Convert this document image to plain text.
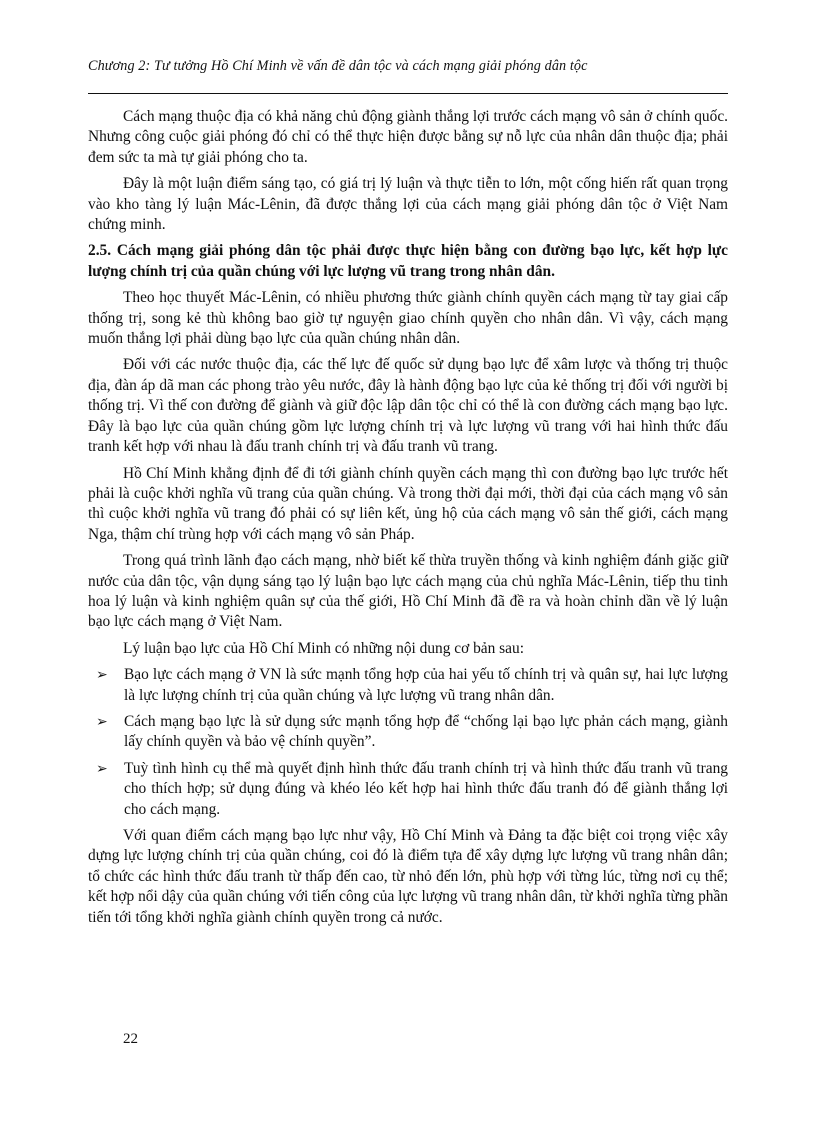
Chương 2: Tư tưởng Hồ Chí Minh về vấn đề dân tộc và cách mạng giải phóng dân tộc

Cách mạng thuộc địa có khả năng chủ động giành thắng lợi trước cách mạng vô sản ở chính quốc. Nhưng công cuộc giải phóng đó chỉ có thể thực hiện được bằng sự nỗ lực của nhân dân thuộc địa; phải đem sức ta mà tự giải phóng cho ta.

Đây là một luận điểm sáng tạo, có giá trị lý luận và thực tiễn to lớn, một cống hiến rất quan trọng vào kho tàng lý luận Mác-Lênin, đã được thắng lợi của cách mạng giải phóng dân tộc ở Việt Nam chứng minh.

2.5. Cách mạng giải phóng dân tộc phải được thực hiện bằng con đường bạo lực, kết hợp lực lượng chính trị của quần chúng với lực lượng vũ trang trong nhân dân.

Theo học thuyết Mác-Lênin, có nhiều phương thức giành chính quyền cách mạng từ tay giai cấp thống trị, song kẻ thù không bao giờ tự nguyện giao chính quyền cho nhân dân. Vì vậy, cách mạng muốn thắng lợi phải dùng bạo lực của quần chúng nhân dân.

Đối với các nước thuộc địa, các thế lực đế quốc sử dụng bạo lực để xâm lược và thống trị thuộc địa, đàn áp dã man các phong trào yêu nước, đây là hành động bạo lực của kẻ thống trị đối với người bị thống trị. Vì thế con đường để giành và giữ độc lập dân tộc chỉ có thể là con đường cách mạng bạo lực. Đây là bạo lực của quần chúng gồm lực lượng chính trị và lực lượng vũ trang với hai hình thức đấu tranh kết hợp với nhau là đấu tranh chính trị và đấu tranh vũ trang.

Hồ Chí Minh khẳng định để đi tới giành chính quyền cách mạng thì con đường bạo lực trước hết phải là cuộc khởi nghĩa vũ trang của quần chúng. Và trong thời đại mới, thời đại của cách mạng vô sản thì cuộc khởi nghĩa vũ trang đó phải có sự liên kết, ủng hộ của cách mạng vô sản thế giới, cách mạng Nga, thậm chí trùng hợp với cách mạng vô sản Pháp.

Trong quá trình lãnh đạo cách mạng, nhờ biết kế thừa truyền thống và kinh nghiệm đánh giặc giữ nước của dân tộc, vận dụng sáng tạo lý luận bạo lực cách mạng của chủ nghĩa Mác-Lênin, tiếp thu tinh hoa lý luận và kinh nghiệm quân sự của thế giới, Hồ Chí Minh đã đề ra và hoàn chỉnh dần về lý luận bạo lực cách mạng ở Việt Nam.

Lý luận bạo lực của Hồ Chí Minh có những nội dung cơ bản sau:

➢ Bạo lực cách mạng ở VN là sức mạnh tổng hợp của hai yếu tố chính trị và quân sự, hai lực lượng là lực lượng chính trị của quần chúng và lực lượng vũ trang nhân dân.
➢ Cách mạng bạo lực là sử dụng sức mạnh tổng hợp để “chống lại bạo lực phản cách mạng, giành lấy chính quyền và bảo vệ chính quyền”.
➢ Tuỳ tình hình cụ thể mà quyết định hình thức đấu tranh chính trị và hình thức đấu tranh vũ trang cho thích hợp; sử dụng đúng và khéo léo kết hợp hai hình thức đấu tranh đó để giành thắng lợi cho cách mạng.

Với quan điểm cách mạng bạo lực như vậy, Hồ Chí Minh và Đảng ta đặc biệt coi trọng việc xây dựng lực lượng chính trị của quần chúng, coi đó là điểm tựa để xây dựng lực lượng vũ trang nhân dân; tổ chức các hình thức đấu tranh từ thấp đến cao, từ nhỏ đến lớn, phù hợp với từng lúc, từng nơi cụ thể; kết hợp nổi dậy của quần chúng với tiến công của lực lượng vũ trang nhân dân, từ khởi nghĩa từng phần tiến tới tổng khởi nghĩa giành chính quyền trong cả nước.

22
